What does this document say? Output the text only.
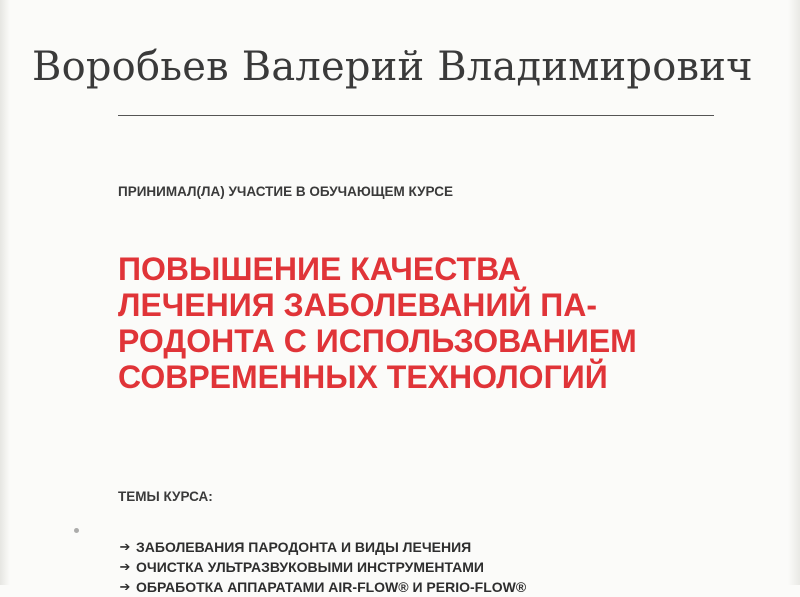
Воробьев Валерий Владимирович
ПРИНИМАЛ(ЛА) УЧАСТИЕ В ОБУЧАЮЩЕМ КУРСЕ
ПОВЫШЕНИЕ КАЧЕСТВА
ЛЕЧЕНИЯ ЗАБОЛЕВАНИЙ ПА-
РОДОНТА С ИСПОЛЬЗОВАНИЕМ
СОВРЕМЕННЫХ ТЕХНОЛОГИЙ
ТЕМЫ КУРСА:
➔ ЗАБОЛЕВАНИЯ ПАРОДОНТА И ВИДЫ ЛЕЧЕНИЯ
➔ ОЧИСТКА УЛЬТРАЗВУКОВЫМИ ИНСТРУМЕНТАМИ
➔ ОБРАБОТКА АППАРАТАМИ AIR-FLOW® И PERIO-FLOW®
